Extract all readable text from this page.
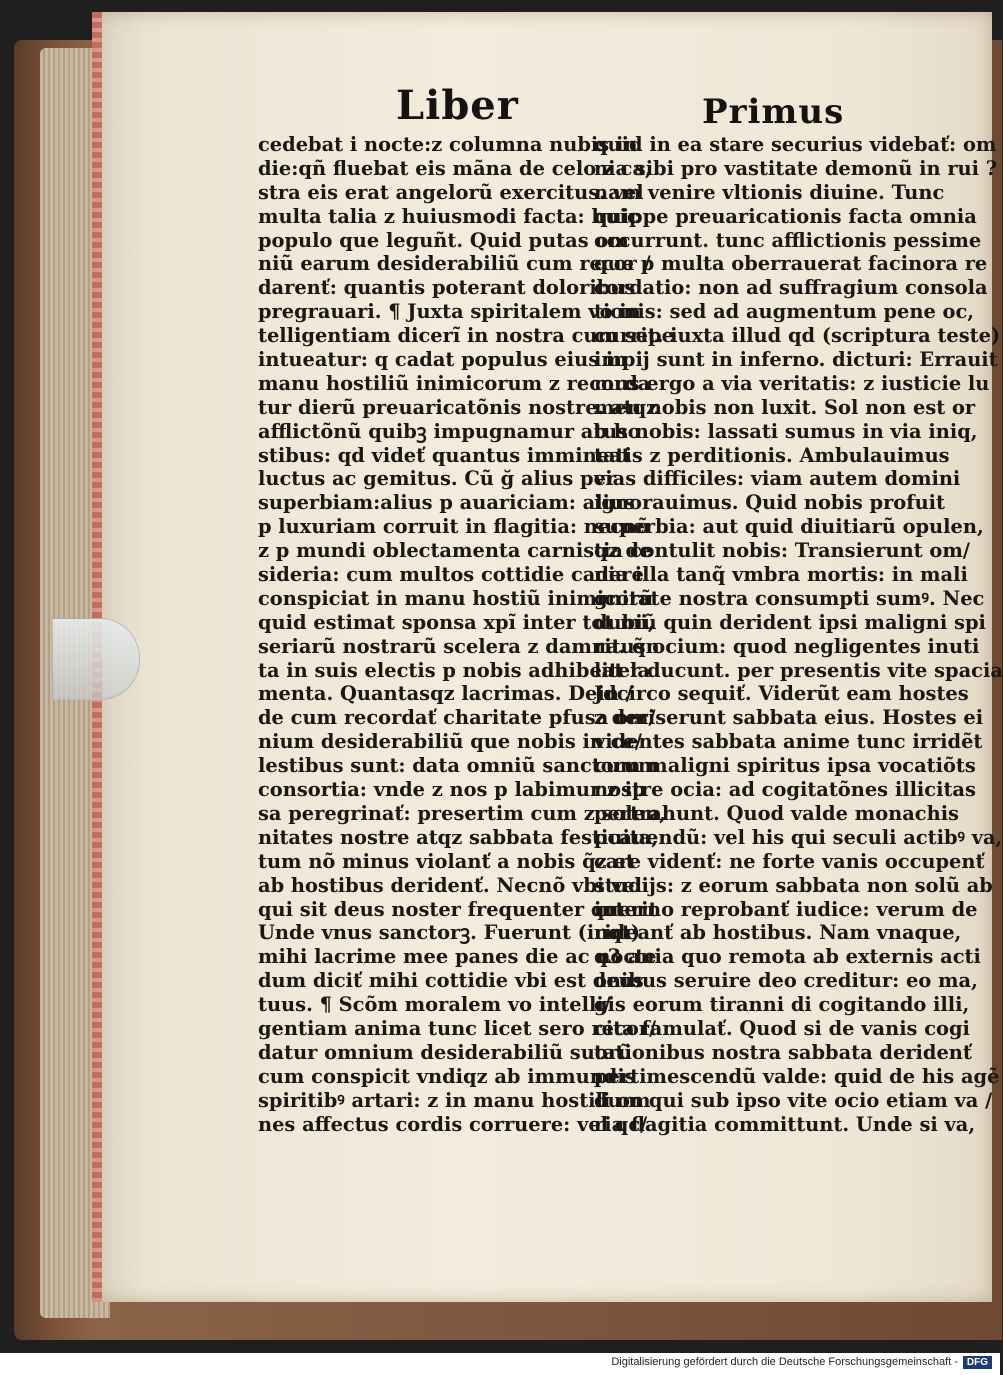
Liber	Primus
cedebat i nocte:z columna nubis in
die:qñ fluebat eis mãna de celo z ca,
stra eis erat angelorũ exercitus. vel
multa talia z huiusmodi facta: huic
populo que leguñt. Quid putas om
niũ earum desiderabiliũ cum recor /
darenť: quantis poterant doloribus
pregrauari. ¶ Juxta spiritalem vo in
telligentiam dicerĩ in nostra cum sepe
intueatur: q cadat populus eius in
manu hostiliũ inimicorum z recorda
tur dierũ preuaricatõnis nostre. atqz
afflictõnũ quibꝫ impugnamur ab ho
stibus: qd videť quantus immineat
luctus ac gemitus. Cũ ğ alius per
superbiam:alius p auariciam: alius
p luxuriam corruit in flagitia: necnõ
z p mundi oblectamenta carnisqz de
sideria: cum multos cottidie cadere
conspiciat in manu hostiũ inimicorũ
quid estimat sponsa xpĩ inter tot mi,
seriarũ nostrarũ scelera z damna. q̃n
ta in suis electis p nobis adhibeat la
menta. Quantasqz lacrimas. Dein /
de cum recordať charitate pfusa om/
nium desiderabiliũ que nobis in ce/
lestibus sunt: data omniũ sanctorum
consortia: vnde z nos p labimur z ip
sa peregrinať: presertim cum z solen,
nitates nostre atqz sabbata festiuita,
tum nõ minus violanť a nobis q̃z et
ab hostibus deridenť. Necnõ vbi vel
qui sit deus noster frequenter querit
Unde vnus sanctorꝫ. Fuerunt (inqt)
mihi lacrime mee panes die ac nocte
dum diciť mihi cottidie vbi est deus
tuus. ¶ Scõm moralem vo intelli/
gentiam anima tunc licet sero recor/
datur omnium desiderabiliũ suorũ
cum conspicit vndiqz ab immundis
spiritibꝰ artari: z in manu hostili om
nes affectus cordis corruere: vel qc/
quid in ea stare securius videbať: om
nia sibi pro vastitate demonũ in rui ?
nam venire vltionis diuine. Tunc
quippe preuaricationis facta omnia
occurrunt. tunc afflictionis pessime
que p multa oberrauerat facinora re
cordatio: non ad suffragium consola
tionis: sed ad augmentum pene oc,
currit. iuxta illud qd (scriptura teste)
impij sunt in inferno. dicturi: Errauit
mus ergo a via veritatis: z iusticie lu
men nobis non luxit. Sol non est or
tus nobis: lassati sumus in via iniq,
tatis z perditionis. Ambulauimus
vias difficiles: viam autem domini
ignorauimus. Quid nobis profuit
superbia: aut quid diuitiarũ opulen,
tia contulit nobis: Transierunt om/
nia illa tanq̃ vmbra mortis: in mali
gnitate nostra consumpti sumꝰ. Nec
dubiũ quin derident ipsi maligni spi
ritus ocium: quod negligentes inuti
liter ducunt. per presentis vite spacia
Jdcirco sequiť. Viderũt eam hostes
z deriserunt sabbata eius. Hostes ei
videntes sabbata anime tunc irridẽt
cum maligni spiritus ipsa vocatiõts
nostre ocia: ad cogitatõnes illicitas
pertrahunt. Quod valde monachis
pcauendũ: vel his qui seculi actibꝰ va,
care videnť: ne forte vanis occupenť
studijs: z eorum sabbata non solũ ab
interno reprobanť iudice: verum de
rideanť ab hostibus. Nam vnaque,
q3 ania quo remota ab externis acti
onibus seruire deo creditur: eo ma,
gis eorum tiranni di cogitando illi,
cita famulať. Quod si de vanis cogi
tationibus nostra sabbata deridenť
pertimescendũ valde: quid de his agẽ
dum qui sub ipso vite ocio etiam va /
ria flagitia committunt. Unde si va,
Digitalisierung gefördert durch die Deutsche Forschungsgemeinschaft - DFG
